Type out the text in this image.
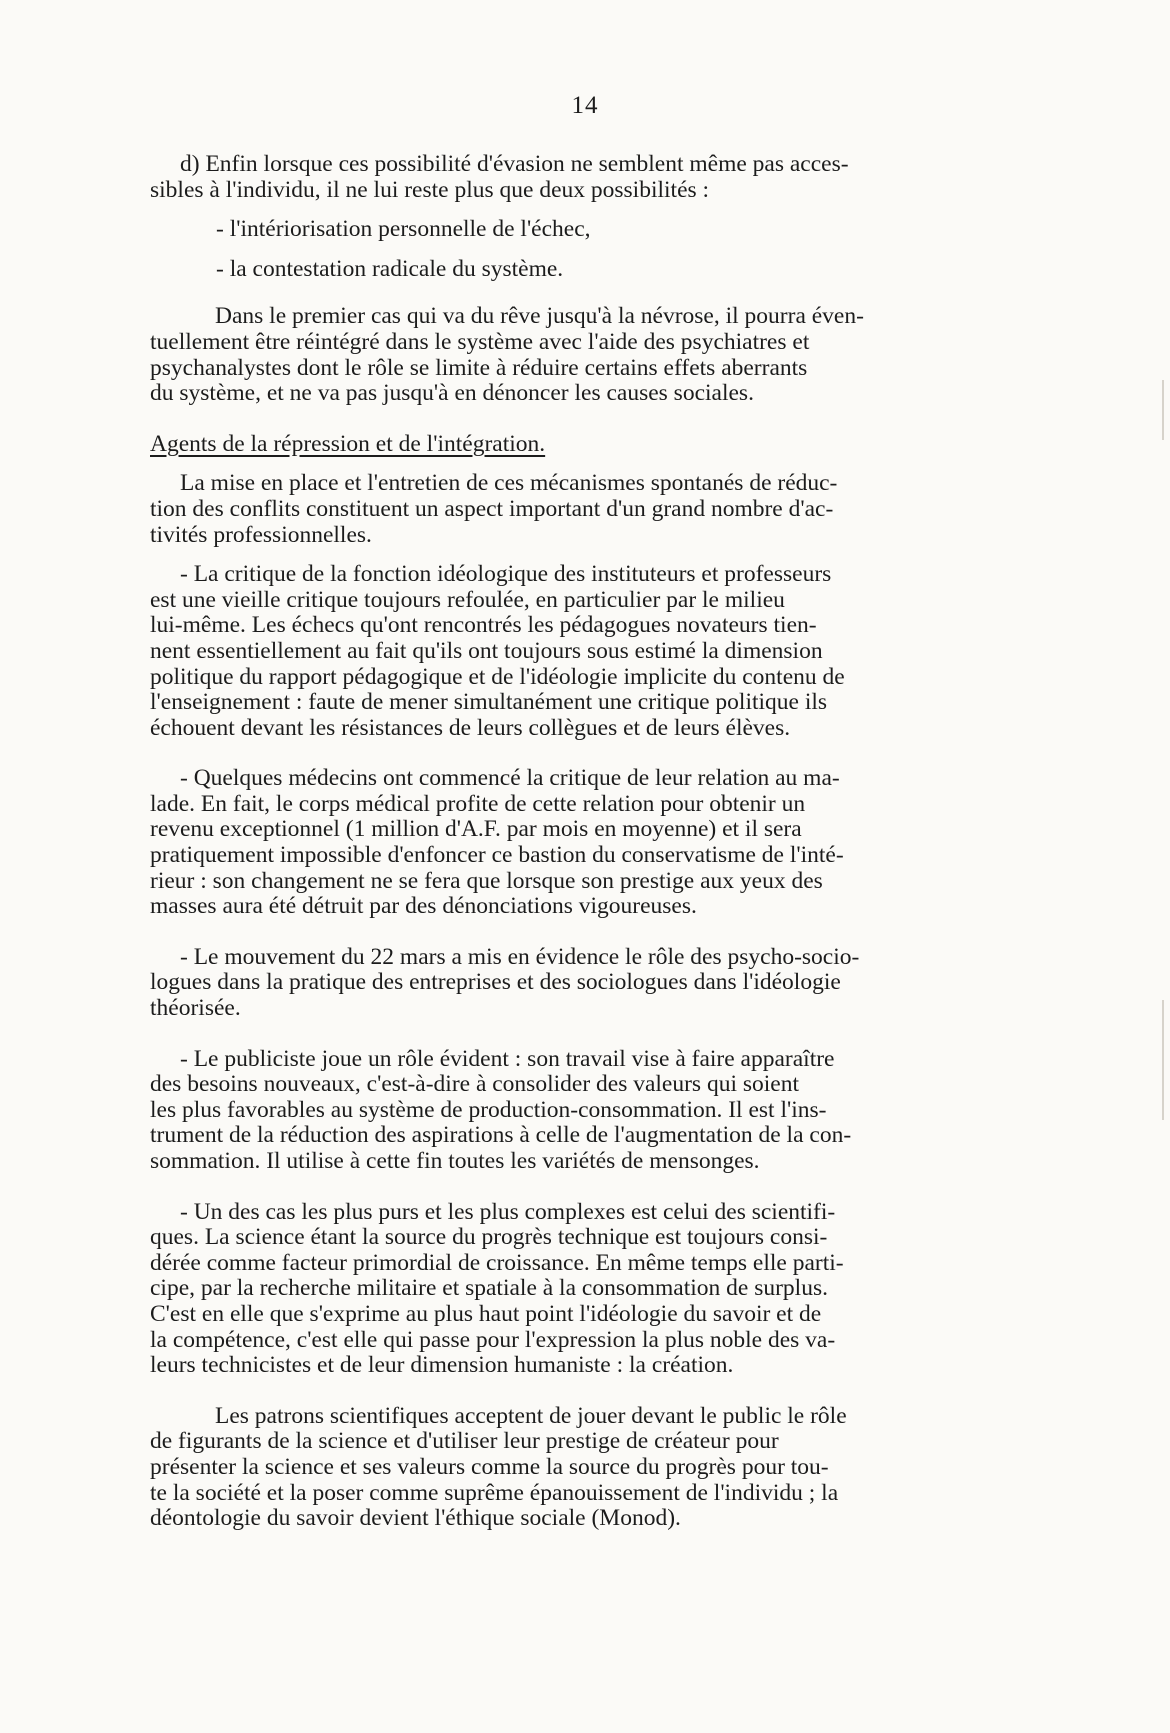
14
d) Enfin lorsque ces possibilité d'évasion ne semblent même pas acces-
sibles à l'individu, il ne lui reste plus que deux possibilités :
- l'intériorisation personnelle de l'échec,
- la contestation radicale du système.
Dans le premier cas qui va du rêve jusqu'à la névrose, il pourra éven-
tuellement être réintégré dans le système avec l'aide des psychiatres et
psychanalystes dont le rôle se limite à réduire certains effets aberrants
du système, et ne va pas jusqu'à en dénoncer les causes sociales.
Agents de la répression et de l'intégration.
La mise en place et l'entretien de ces mécanismes spontanés de réduc-
tion des conflits constituent un aspect important d'un grand nombre d'ac-
tivités professionnelles.
- La critique de la fonction idéologique des instituteurs et professeurs
est une vieille critique toujours refoulée, en particulier par le milieu
lui-même. Les échecs qu'ont rencontrés les pédagogues novateurs tien-
nent essentiellement au fait qu'ils ont toujours sous estimé la dimension
politique du rapport pédagogique et de l'idéologie implicite du contenu de
l'enseignement : faute de mener simultanément une critique politique ils
échouent devant les résistances de leurs collègues et de leurs élèves.
- Quelques médecins ont commencé la critique de leur relation au ma-
lade. En fait, le corps médical profite de cette relation pour obtenir un
revenu exceptionnel (1 million d'A.F. par mois en moyenne) et il sera
pratiquement impossible d'enfoncer ce bastion du conservatisme de l'inté-
rieur : son changement ne se fera que lorsque son prestige aux yeux des
masses aura été détruit par des dénonciations vigoureuses.
- Le mouvement du 22 mars a mis en évidence le rôle des psycho-socio-
logues dans la pratique des entreprises et des sociologues dans l'idéologie
théorisée.
- Le publiciste joue un rôle évident : son travail vise à faire apparaître
des besoins nouveaux, c'est-à-dire à consolider des valeurs qui soient
les plus favorables au système de production-consommation. Il est l'ins-
trument de la réduction des aspirations à celle de l'augmentation de la con-
sommation. Il utilise à cette fin toutes les variétés de mensonges.
- Un des cas les plus purs et les plus complexes est celui des scientifi-
ques. La science étant la source du progrès technique est toujours consi-
dérée comme facteur primordial de croissance. En même temps elle parti-
cipe, par la recherche militaire et spatiale à la consommation de surplus.
C'est en elle que s'exprime au plus haut point l'idéologie du savoir et de
la compétence, c'est elle qui passe pour l'expression la plus noble des va-
leurs technicistes et de leur dimension humaniste : la création.
Les patrons scientifiques acceptent de jouer devant le public le rôle
de figurants de la science et d'utiliser leur prestige de créateur pour
présenter la science et ses valeurs comme la source du progrès pour tou-
te la société et la poser comme suprême épanouissement de l'individu ; la
déontologie du savoir devient l'éthique sociale (Monod).
